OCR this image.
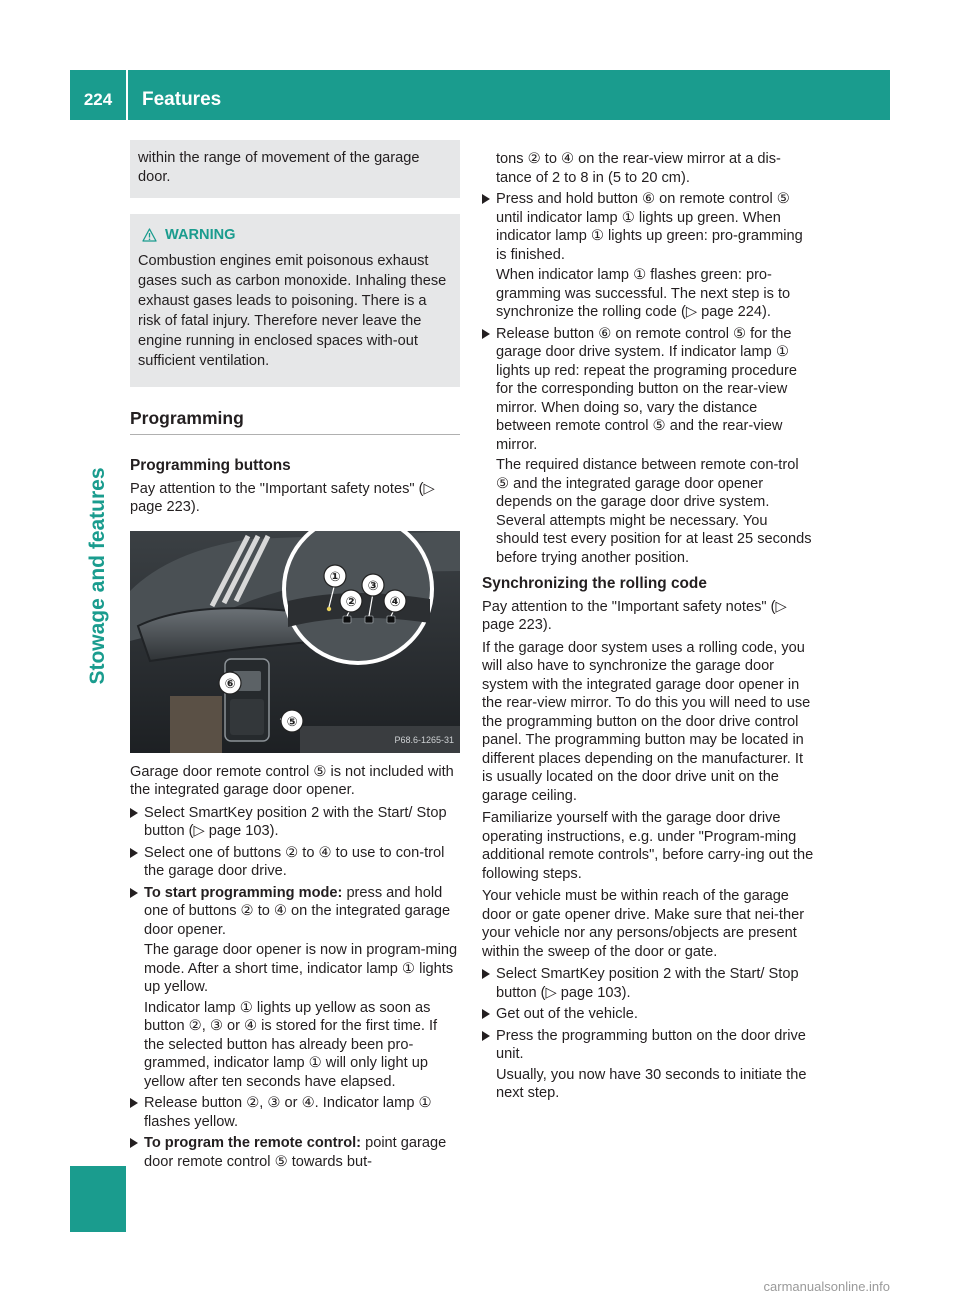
224	Features
Stowage and features

within the range of movement of the garage door.

WARNING

Combustion engines emit poisonous exhaust gases such as carbon monoxide. Inhaling these exhaust gases leads to poisoning. There is a risk of fatal injury. Therefore never leave the engine running in enclosed spaces with-out sufficient ventilation.

Programming
Programming buttons

Pay attention to the "Important safety notes" (▷ page 223).

①
②
③
④
⑤
⑥
P68.6-1265-31

Garage door remote control ⑤ is not included with the integrated garage door opener.

Select SmartKey position 2 with the Start/ Stop button (▷ page 103).

Select one of buttons ② to ④ to use to con-trol the garage door drive.

To start programming mode: press and hold one of buttons ② to ④ on the integrated garage door opener.

The garage door opener is now in program-ming mode. After a short time, indicator lamp ① lights up yellow.

Indicator lamp ① lights up yellow as soon as button ②, ③ or ④ is stored for the first time. If the selected button has already been pro-grammed, indicator lamp ① will only light up yellow after ten seconds have elapsed.

Release button ②, ③ or ④. Indicator lamp ① flashes yellow.

To program the remote control: point garage door remote control ⑤ towards but-

tons ② to ④ on the rear-view mirror at a dis-tance of 2 to 8 in (5 to 20 cm).

Press and hold button ⑥ on remote control ⑤ until indicator lamp ① lights up green. When indicator lamp ① lights up green: pro-gramming is finished.

When indicator lamp ① flashes green: pro-gramming was successful. The next step is to synchronize the rolling code (▷ page 224).

Release button ⑥ on remote control ⑤ for the garage door drive system. If indicator lamp ① lights up red: repeat the programing procedure for the corresponding button on the rear-view mirror. When doing so, vary the distance between remote control ⑤ and the rear-view mirror.

The required distance between remote con-trol ⑤ and the integrated garage door opener depends on the garage door drive system. Several attempts might be necessary. You should test every position for at least 25 seconds before trying another position.

Synchronizing the rolling code

Pay attention to the "Important safety notes" (▷ page 223).

If the garage door system uses a rolling code, you will also have to synchronize the garage door system with the integrated garage door opener in the rear-view mirror. To do this you will need to use the programming button on the door drive control panel. The programming button may be located in different places depending on the manufacturer. It is usually located on the door drive unit on the garage ceiling.

Familiarize yourself with the garage door drive operating instructions, e.g. under "Program-ming additional remote controls", before carry-ing out the following steps.

Your vehicle must be within reach of the garage door or gate opener drive. Make sure that nei-ther your vehicle nor any persons/objects are present within the sweep of the door or gate.

Select SmartKey position 2 with the Start/ Stop button (▷ page 103).

Get out of the vehicle.

Press the programming button on the door drive unit.

Usually, you now have 30 seconds to initiate the next step.

carmanualsonline.info
